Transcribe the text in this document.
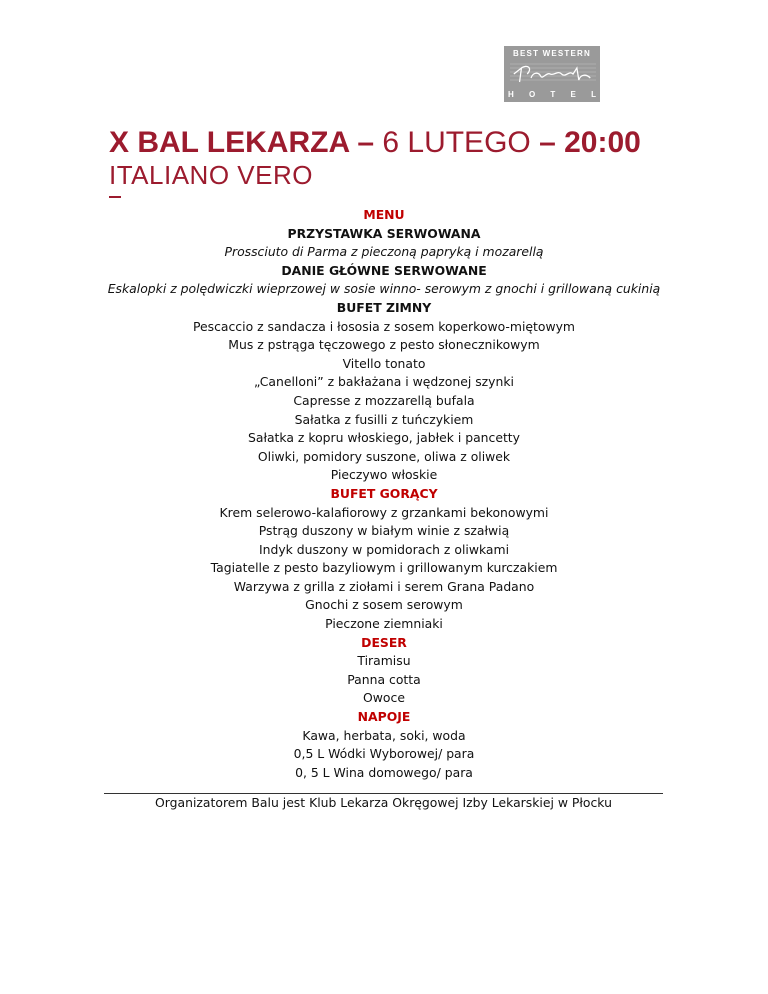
BEST WESTERN
H O T E L
X BAL LEKARZA – 6 LUTEGO – 20:00
ITALIANO VERO
MENU
PRZYSTAWKA SERWOWANA
Prossciuto di Parma z pieczoną papryką i mozarellą
DANIE GŁÓWNE SERWOWANE
Eskalopki z polędwiczki wieprzowej w sosie winno- serowym z gnochi i grillowaną cukinią
BUFET ZIMNY
Pescaccio z sandacza i łososia z sosem koperkowo-miętowym
Mus z pstrąga tęczowego z pesto słonecznikowym
Vitello tonato
„Canelloni” z bakłażana i wędzonej szynki
Capresse z mozzarellą bufala
Sałatka z fusilli z tuńczykiem
Sałatka z kopru włoskiego, jabłek i pancetty
Oliwki, pomidory suszone, oliwa z oliwek
Pieczywo włoskie
BUFET GORĄCY
Krem selerowo-kalafiorowy z grzankami bekonowymi
Pstrąg duszony w białym winie z szałwią
Indyk duszony w pomidorach z oliwkami
Tagiatelle z pesto bazyliowym i grillowanym kurczakiem
Warzywa z grilla z ziołami i serem Grana Padano
Gnochi z sosem serowym
Pieczone ziemniaki
DESER
Tiramisu
Panna cotta
Owoce
NAPOJE
Kawa, herbata, soki, woda
0,5 L Wódki Wyborowej/ para
0, 5 L Wina domowego/ para
Organizatorem Balu jest Klub Lekarza Okręgowej Izby Lekarskiej w Płocku
